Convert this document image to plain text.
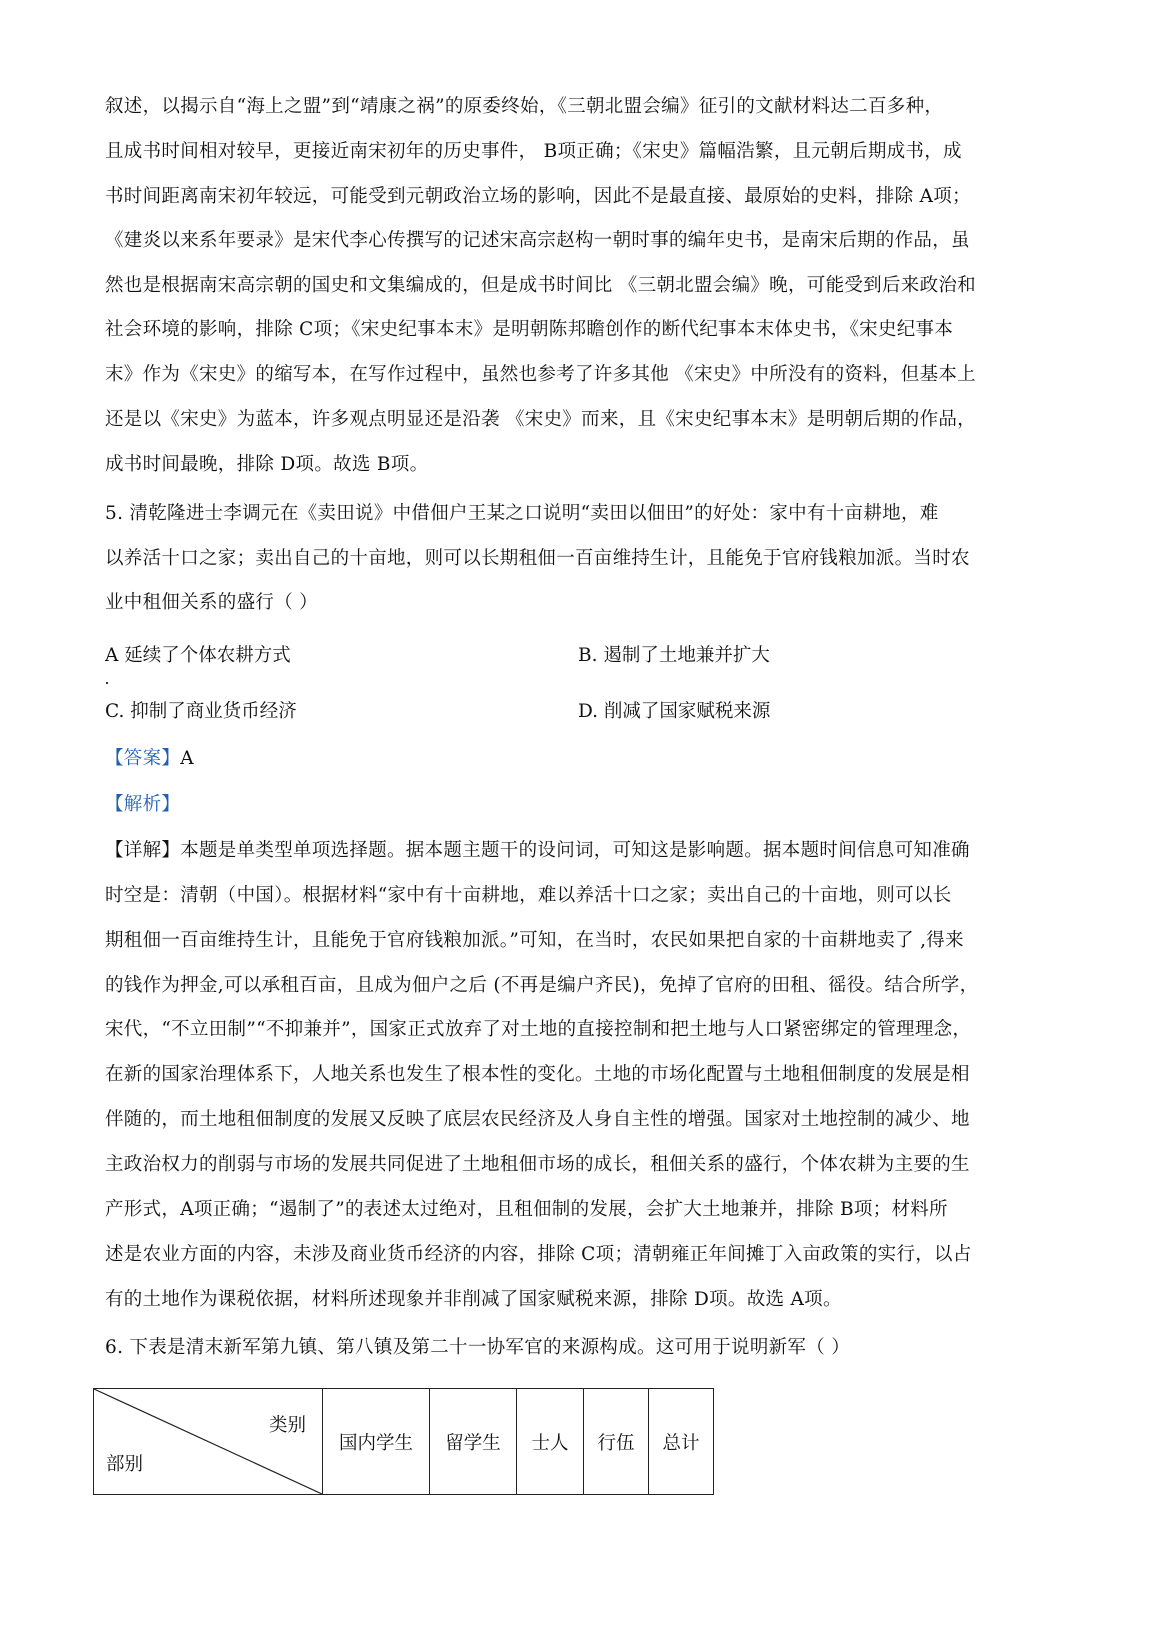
叙述，以揭示自“海上之盟”到“靖康之祸”的原委终始，《三朝北盟会编》征引的文献材料达二百多种，
且成书时间相对较早，更接近南宋初年的历史事件， B项正确；《宋史》篇幅浩繁，且元朝后期成书，成
书时间距离南宋初年较远，可能受到元朝政治立场的影响，因此不是最直接、最原始的史料，排除 A项；
《建炎以来系年要录》是宋代李心传撰写的记述宋高宗赵构一朝时事的编年史书，是南宋后期的作品，虽
然也是根据南宋高宗朝的国史和文集编成的，但是成书时间比 《三朝北盟会编》晚，可能受到后来政治和
社会环境的影响，排除 C项；《宋史纪事本末》是明朝陈邦瞻创作的断代纪事本末体史书，《宋史纪事本
末》作为《宋史》的缩写本，在写作过程中，虽然也参考了许多其他 《宋史》中所没有的资料，但基本上
还是以《宋史》为蓝本，许多观点明显还是沿袭 《宋史》而来，且《宋史纪事本末》是明朝后期的作品，
成书时间最晚，排除 D项。故选 B项。
5. 清乾隆进士李调元在《卖田说》中借佃户王某之口说明“卖田以佃田”的好处：家中有十亩耕地，难
以养活十口之家；卖出自己的十亩地，则可以长期租佃一百亩维持生计，且能免于官府钱粮加派。当时农
业中租佃关系的盛行（ ）
A 延续了个体农耕方式	B. 遏制了土地兼并扩大
C. 抑制了商业货币经济	D. 削减了国家赋税来源
【答案】A
【解析】
【详解】本题是单类型单项选择题。据本题主题干的设问词，可知这是影响题。据本题时间信息可知准确
时空是：清朝（中国）。根据材料“家中有十亩耕地，难以养活十口之家；卖出自己的十亩地，则可以长
期租佃一百亩维持生计，且能免于官府钱粮加派。”可知，在当时，农民如果把自家的十亩耕地卖了 ,得来
的钱作为押金,可以承租百亩，且成为佃户之后 (不再是编户齐民)，免掉了官府的田租、徭役。结合所学，
宋代，“不立田制”“不抑兼并”，国家正式放弃了对土地的直接控制和把土地与人口紧密绑定的管理理念，
在新的国家治理体系下，人地关系也发生了根本性的变化。土地的市场化配置与土地租佃制度的发展是相
伴随的，而土地租佃制度的发展又反映了底层农民经济及人身自主性的增强。国家对土地控制的减少、地
主政治权力的削弱与市场的发展共同促进了土地租佃市场的成长，租佃关系的盛行，个体农耕为主要的生
产形式，A项正确；“遏制了”的表述太过绝对，且租佃制的发展，会扩大土地兼并，排除 B项；材料所
述是农业方面的内容，未涉及商业货币经济的内容，排除 C项；清朝雍正年间摊丁入亩政策的实行，以占
有的土地作为课税依据，材料所述现象并非削减了国家赋税来源，排除 D项。故选 A项。
6. 下表是清末新军第九镇、第八镇及第二十一协军官的来源构成。这可用于说明新军（ ）
类别
部别
	国内学生	留学生	士人	行伍	总计
